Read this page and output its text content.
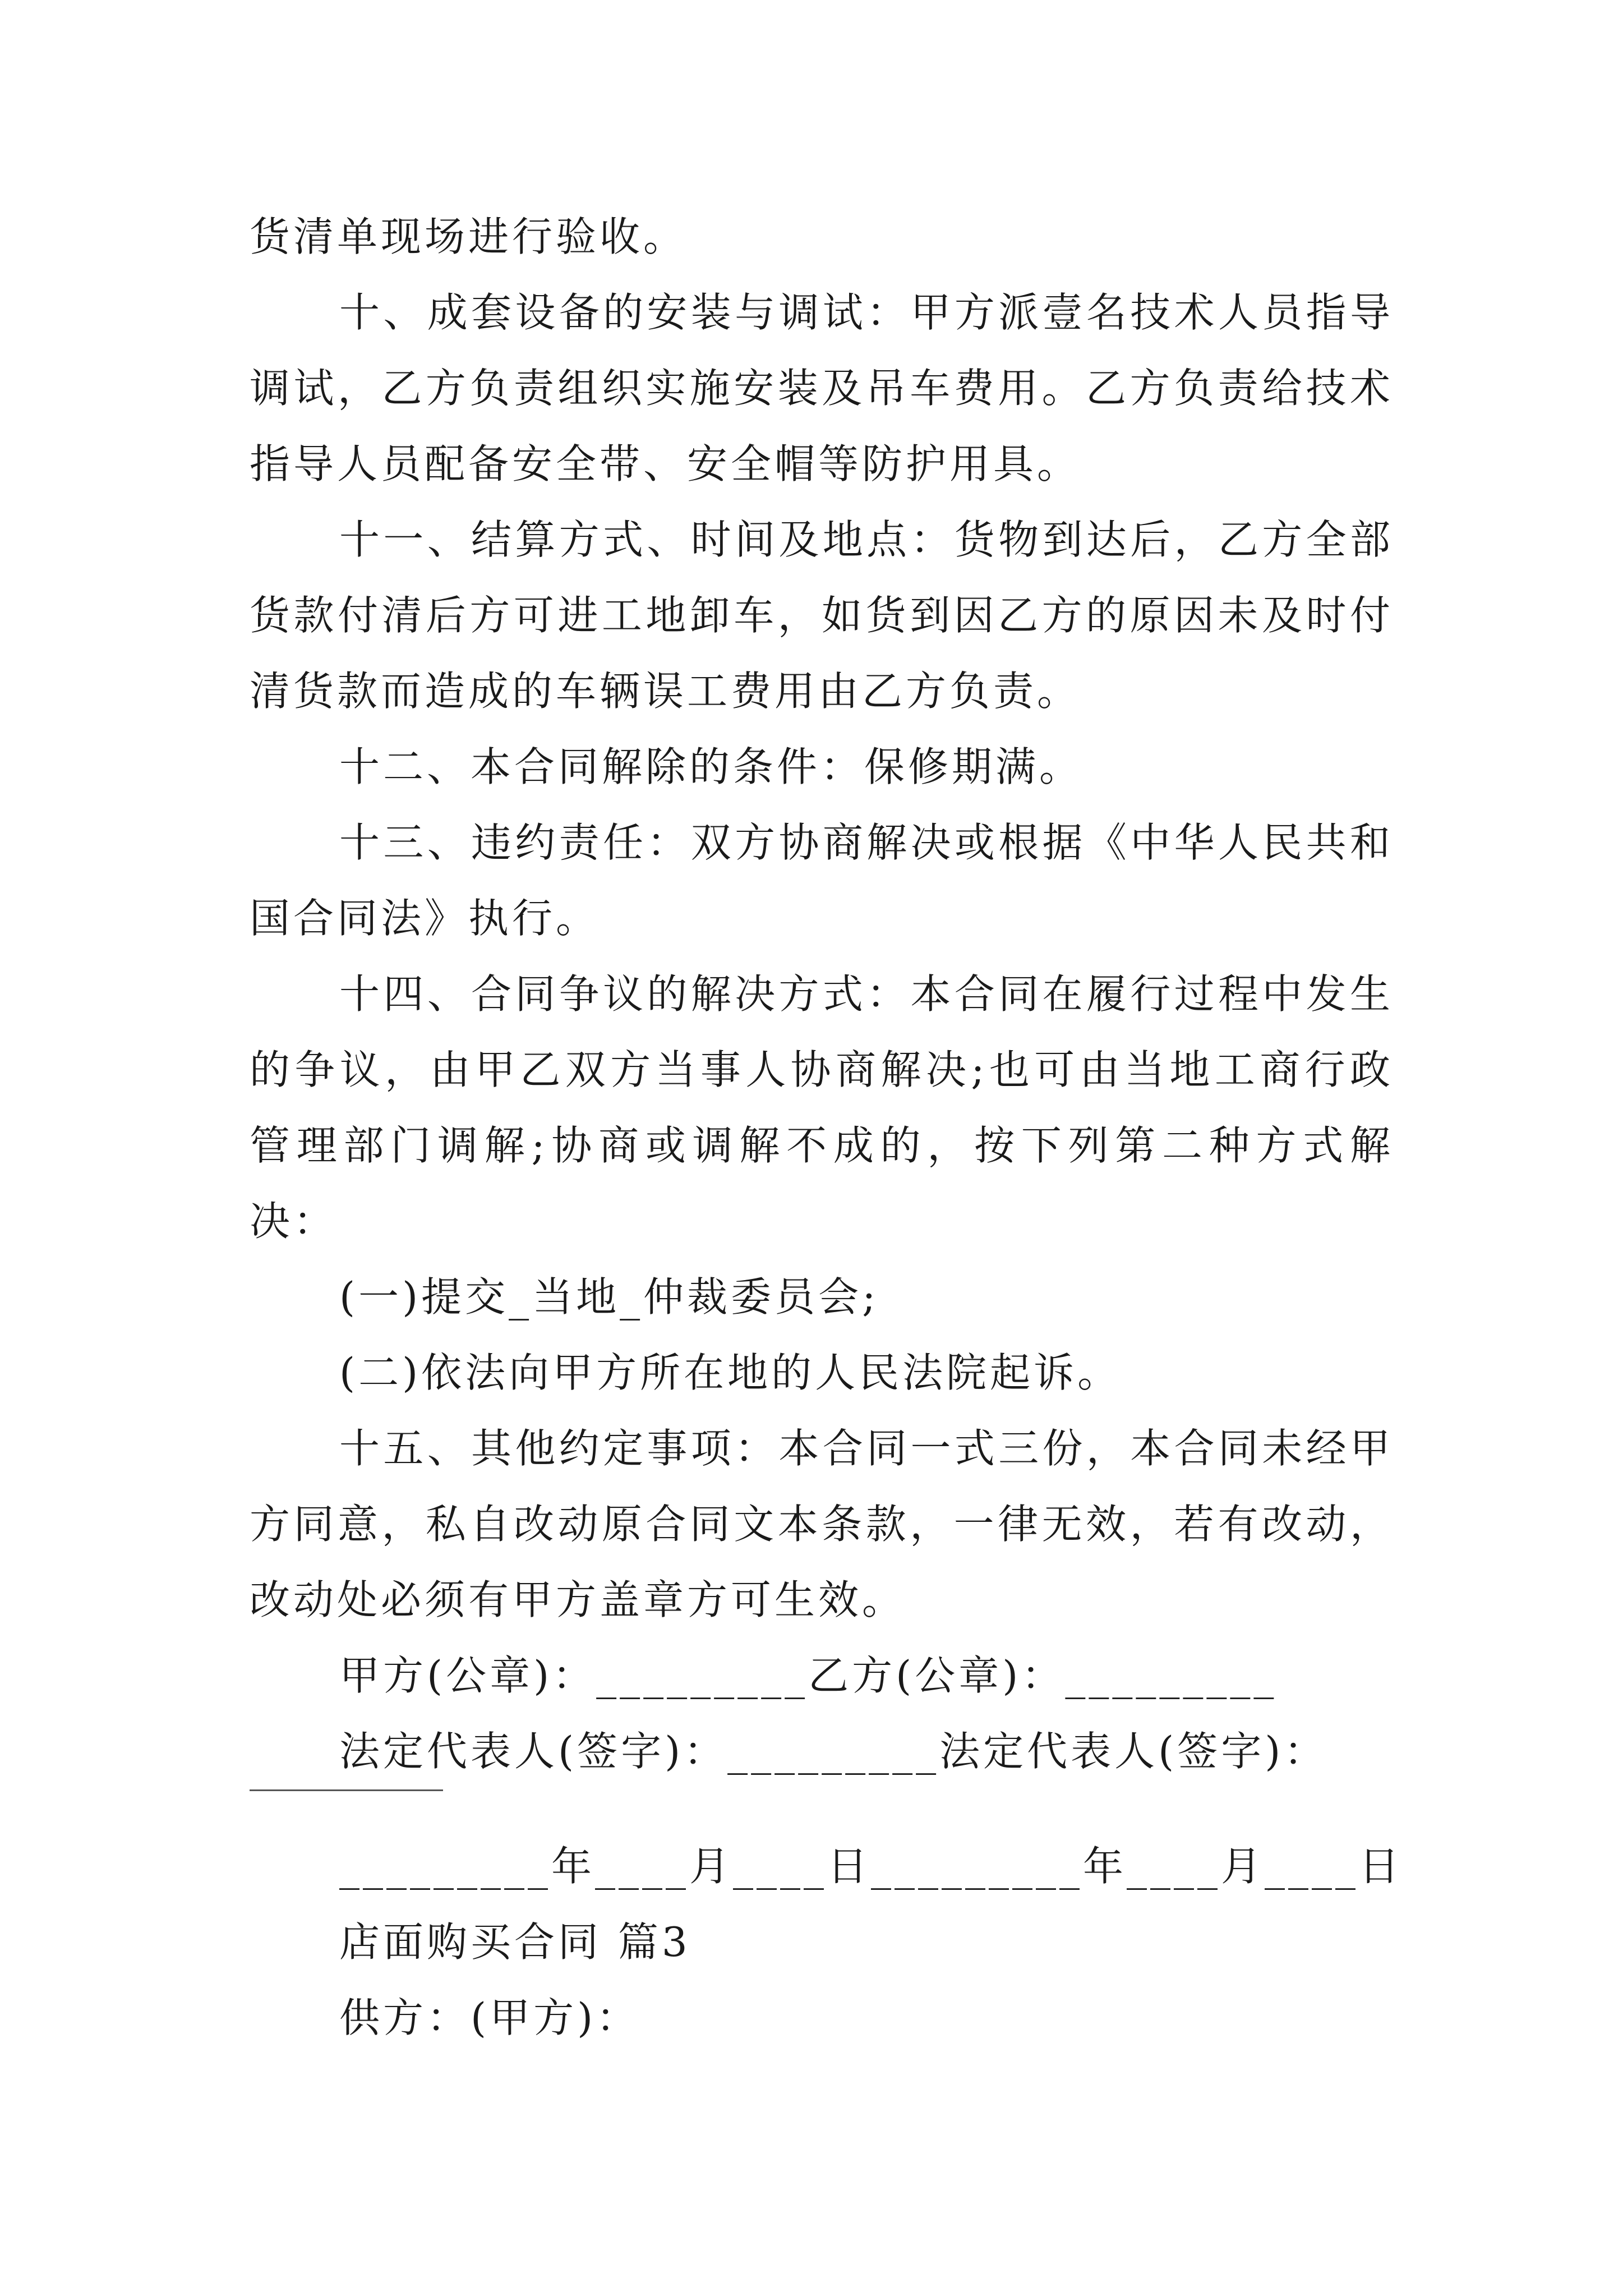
货清单现场进行验收。

十、成套设备的安装与调试：甲方派壹名技术人员指导调试，乙方负责组织实施安装及吊车费用。乙方负责给技术指导人员配备安全带、安全帽等防护用具。

十一、结算方式、时间及地点：货物到达后，乙方全部货款付清后方可进工地卸车，如货到因乙方的原因未及时付清货款而造成的车辆误工费用由乙方负责。

十二、本合同解除的条件：保修期满。

十三、违约责任：双方协商解决或根据《中华人民共和国合同法》执行。

十四、合同争议的解决方式：本合同在履行过程中发生的争议，由甲乙双方当事人协商解决;也可由当地工商行政管理部门调解;协商或调解不成的，按下列第二种方式解决：

(一)提交_当地_仲裁委员会;

(二)依法向甲方所在地的人民法院起诉。

十五、其他约定事项：本合同一式三份，本合同未经甲方同意，私自改动原合同文本条款，一律无效，若有改动，改动处必须有甲方盖章方可生效。

甲方(公章)：_________乙方(公章)：_________

法定代表人(签字)：_________法定代表人(签字)：

_________年____月____日_________年____月____日

店面购买合同 篇3

供方：(甲方)：
